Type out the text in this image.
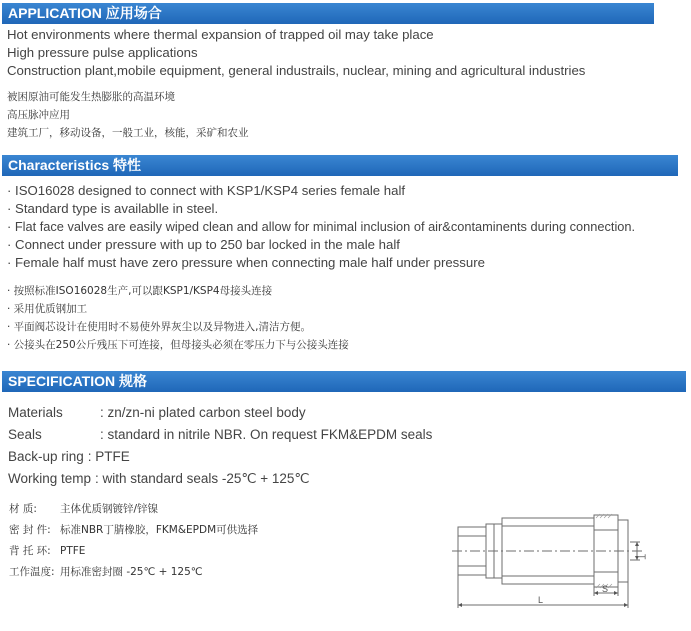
APPLICATION 应用场合
Hot environments where thermal expansion of trapped oil may take place
High pressure pulse applications
Construction plant,mobile equipment, general industrails, nuclear, mining and agricultural industries
被困原油可能发生热膨胀的高温环境
高压脉冲应用
建筑工厂，移动设备，一般工业，核能，采矿和农业
Characteristics 特性
· ISO16028 designed to connect with KSP1/KSP4 series female half
· Standard type is availablle in steel.
· Flat face valves are easily wiped clean and allow for minimal inclusion of air&contaminents during connection.
· Connect under pressure with up to 250 bar locked in the male half
· Female half must have zero pressure when connecting male half under pressure
· 按照标准ISO16028生产,可以跟KSP1/KSP4母接头连接
· 采用优质钢加工
· 平面阀芯设计在使用时不易使外界灰尘以及异物进入,清洁方便。
· 公接头在250公斤残压下可连接，但母接头必须在零压力下与公接头连接
SPECIFICATION 规格
Materials	: zn/zn-ni plated carbon steel body
Seals	: standard in nitrile NBR. On request FKM&EPDM seals
Back-up ring : PTFE
Working temp : with standard seals -25℃ + 125℃
材 质: 主体优质钢镀锌/锌镍
密 封 件: 标准NBR丁腈橡胶，FKM&EPDM可供选择
背 托 环: PTFE
工作温度: 用标准密封圈 -25℃ + 125℃
T
S
L
